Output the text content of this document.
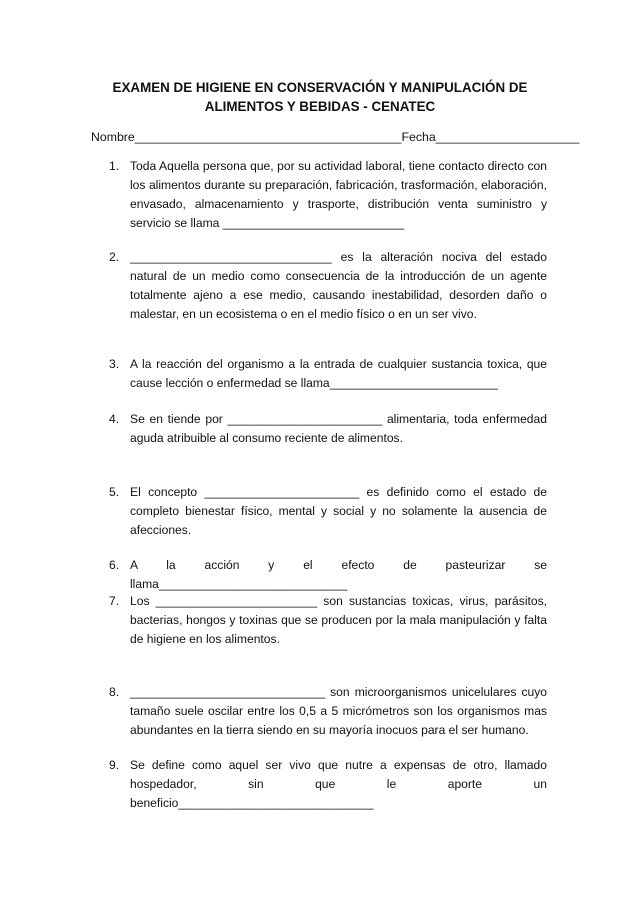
EXAMEN DE HIGIENE EN CONSERVACIÓN Y MANIPULACIÓN DE
ALIMENTOS Y BEBIDAS - CENATEC
Nombre_______________________________________Fecha_____________________
1. Toda Aquella persona que, por su actividad laboral, tiene contacto directo con los alimentos durante su preparación, fabricación, trasformación, elaboración, envasado, almacenamiento y trasporte, distribución venta suministro y servicio se llama ___________________________
2. ______________________________ es la alteración nociva del estado natural de un medio como consecuencia de la introducción de un agente totalmente ajeno a ese medio, causando inestabilidad, desorden daño o malestar, en un ecosistema o en el medio físico o en un ser vivo.
3. A la reacción del organismo a la entrada de cualquier sustancia toxica, que cause lección o enfermedad se llama_________________________
4. Se en tiende por _______________________ alimentaria, toda enfermedad aguda atribuible al consumo reciente de alimentos.
5. El concepto _______________________ es definido como el estado de completo bienestar físico, mental y social y no solamente la ausencia de afecciones.
6. A la acción y el efecto de pasteurizar se llama____________________________
7. Los ________________________ son sustancias toxicas, virus, parásitos, bacterias, hongos y toxinas que se producen por la mala manipulación y falta de higiene en los alimentos.
8. _____________________________ son microorganismos unicelulares cuyo tamaño suele oscilar entre los 0,5 a 5 micrómetros son los organismos mas abundantes en la tierra siendo en su mayoría inocuos para el ser humano.
9. Se define como aquel ser vivo que nutre a expensas de otro, llamado hospedador, sin que le aporte un beneficio_____________________________
